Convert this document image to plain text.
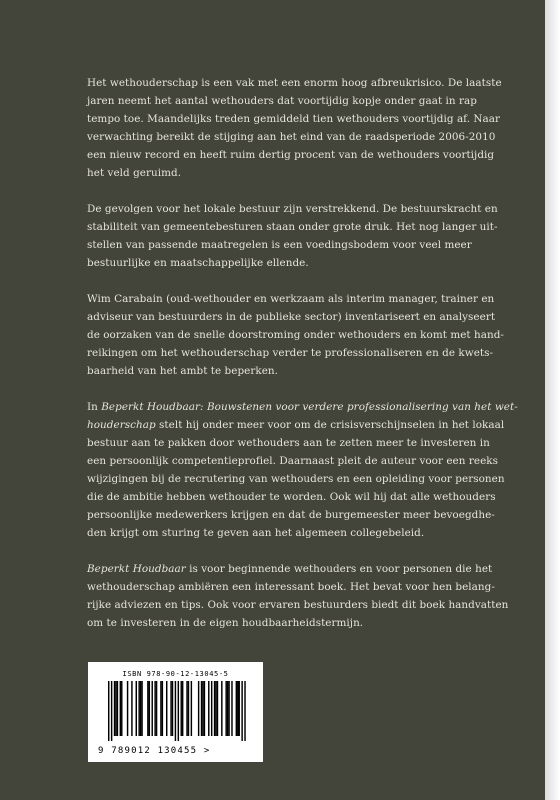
Het wethouderschap is een vak met een enorm hoog afbreukrisico. De laatste
jaren neemt het aantal wethouders dat voortijdig kopje onder gaat in rap
tempo toe. Maandelijks treden gemiddeld tien wethouders voortijdig af. Naar
verwachting bereikt de stijging aan het eind van de raadsperiode 2006-2010
een nieuw record en heeft ruim dertig procent van de wethouders voortijdig
het veld geruimd.

De gevolgen voor het lokale bestuur zijn verstrekkend. De bestuurskracht en
stabiliteit van gemeentebesturen staan onder grote druk. Het nog langer uit-
stellen van passende maatregelen is een voedingsbodem voor veel meer
bestuurlijke en maatschappelijke ellende.

Wim Carabain (oud-wethouder en werkzaam als interim manager, trainer en
adviseur van bestuurders in de publieke sector) inventariseert en analyseert
de oorzaken van de snelle doorstroming onder wethouders en komt met hand-
reikingen om het wethouderschap verder te professionaliseren en de kwets-
baarheid van het ambt te beperken.

In Beperkt Houdbaar: Bouwstenen voor verdere professionalisering van het wet-
houderschap stelt hij onder meer voor om de crisisverschijnselen in het lokaal
bestuur aan te pakken door wethouders aan te zetten meer te investeren in
een persoonlijk competentieprofiel. Daarnaast pleit de auteur voor een reeks
wijzigingen bij de recrutering van wethouders en een opleiding voor personen
die de ambitie hebben wethouder te worden. Ook wil hij dat alle wethouders
persoonlijke medewerkers krijgen en dat de burgemeester meer bevoegdhe-
den krijgt om sturing te geven aan het algemeen collegebeleid.

Beperkt Houdbaar is voor beginnende wethouders en voor personen die het
wethouderschap ambiëren een interessant boek. Het bevat voor hen belang-
rijke adviezen en tips. Ook voor ervaren bestuurders biedt dit boek handvatten
om te investeren in de eigen houdbaarheidstermijn.

ISBN 978-90-12-13045-5
9 789012 130455 >
